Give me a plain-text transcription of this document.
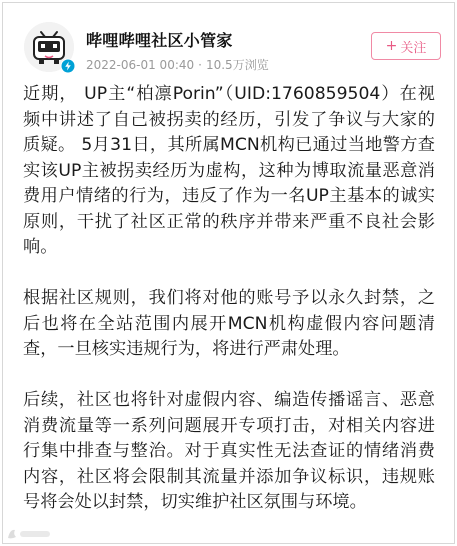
哔哩哔哩社区小管家
2022-06-01 00:40 · 10.5万浏览
+ 关注

近期， UP主“柏凛Porin”（UID:1760859504）在视频中讲述了自己被拐卖的经历，引发了争议与大家的质疑。 5月31日，其所属MCN机构已通过当地警方查实该UP主被拐卖经历为虚构，这种为博取流量恶意消费用户情绪的行为，违反了作为一名UP主基本的诚实原则，干扰了社区正常的秩序并带来严重不良社会影响。

根据社区规则，我们将对他的账号予以永久封禁，之后也将在全站范围内展开MCN机构虚假内容问题清查，一旦核实违规行为，将进行严肃处理。

后续，社区也将针对虚假内容、编造传播谣言、恶意消费流量等一系列问题展开专项打击，对相关内容进行集中排查与整治。对于真实性无法查证的情绪消费内容，社区将会限制其流量并添加争议标识，违规账号将会处以封禁，切实维护社区氛围与环境。
